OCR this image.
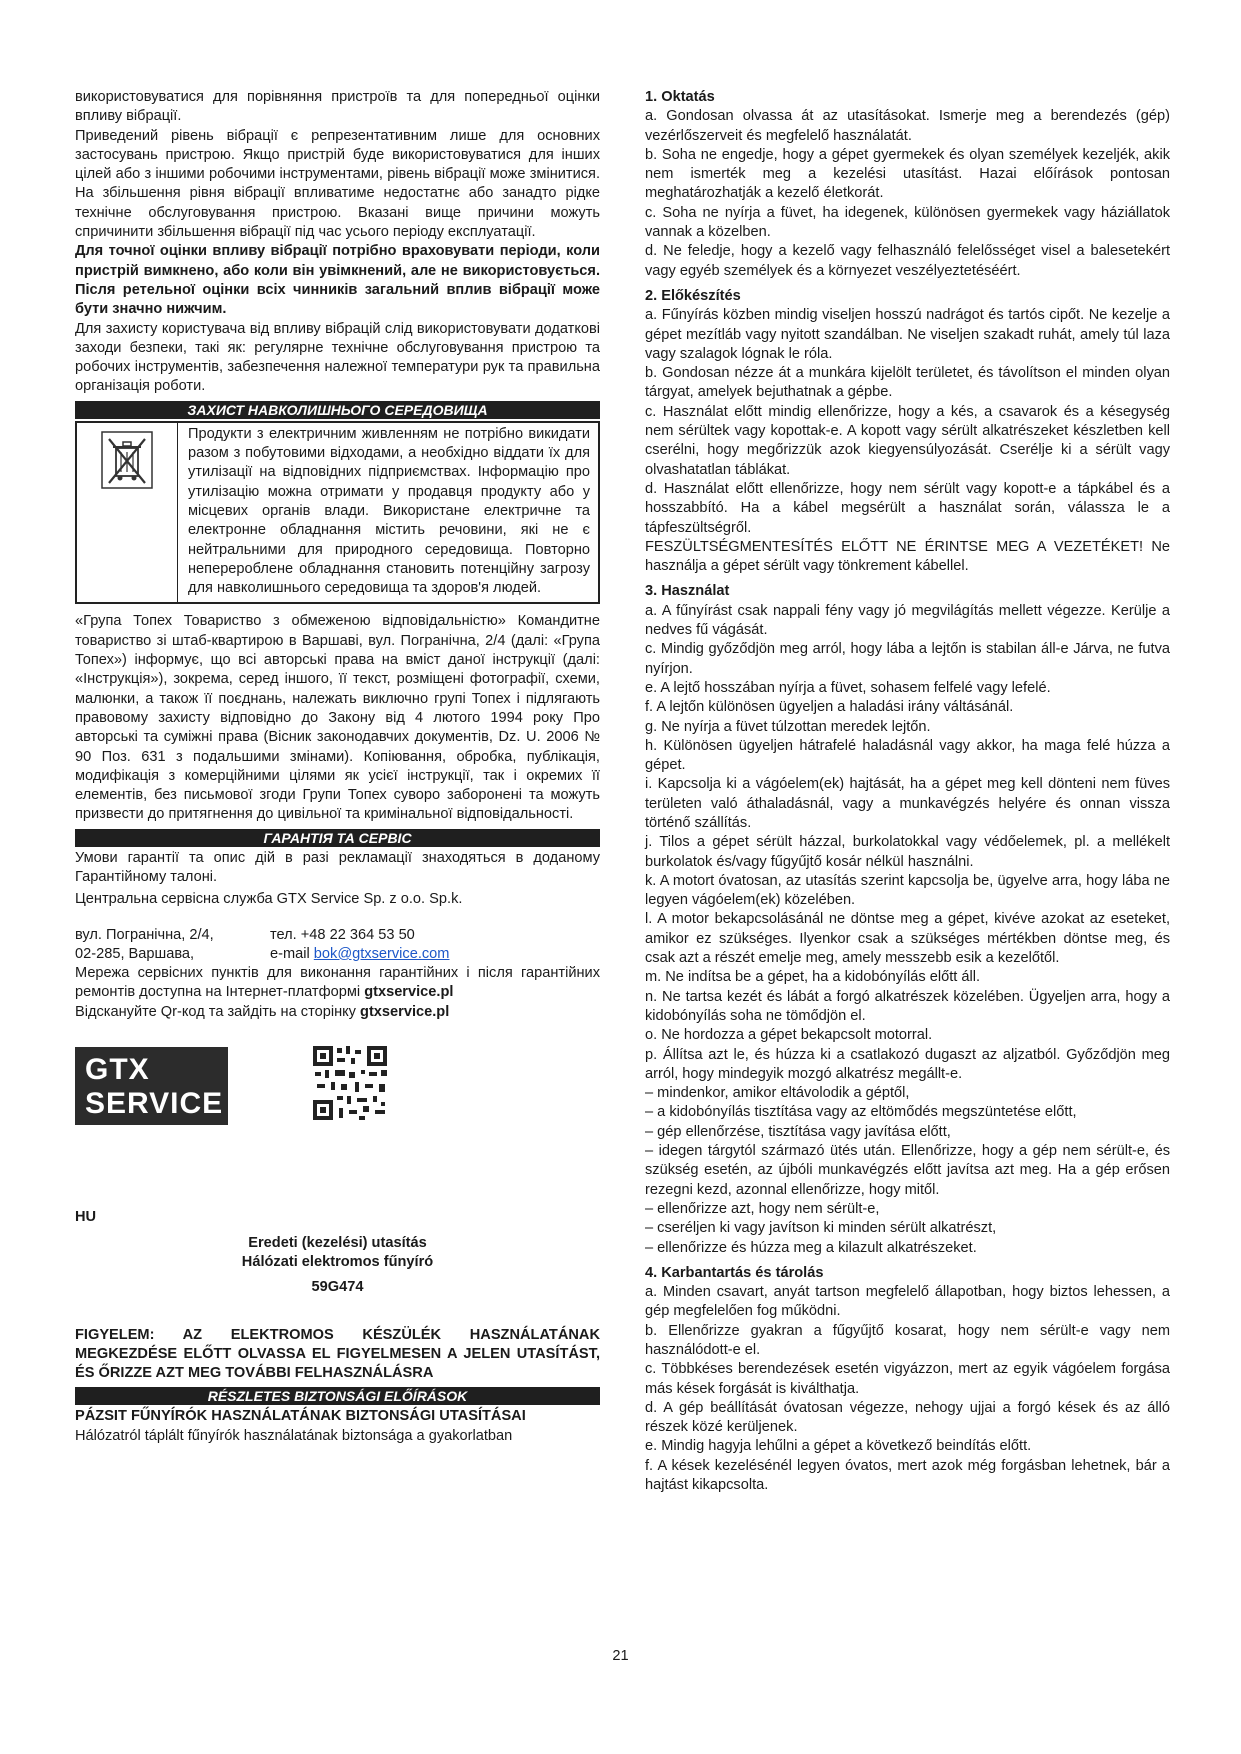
використовуватися для порівняння пристроїв та для попередньої оцінки впливу вібрації.

Приведений рівень вібрації є репрезентативним лише для основних застосувань пристрою. Якщо пристрій буде використовуватися для інших цілей або з іншими робочими інструментами, рівень вібрації може змінитися. На збільшення рівня вібрації впливатиме недостатнє або занадто рідке технічне обслуговування пристрою. Вказані вище причини можуть спричинити збільшення вібрації під час усього періоду експлуатації.

Для точної оцінки впливу вібрації потрібно враховувати періоди, коли пристрій вимкнено, або коли він увімкнений, але не використовується. Після ретельної оцінки всіх чинників загальний вплив вібрації може бути значно нижчим.

Для захисту користувача від впливу вібрацій слід використовувати додаткові заходи безпеки, такі як: регулярне технічне обслуговування пристрою та робочих інструментів, забезпечення належної температури рук та правильна організація роботи.

ЗАХИСТ НАВКОЛИШНЬОГО СЕРЕДОВИЩА
Продукти з електричним живленням не потрібно викидати разом з побутовими відходами, а необхідно віддати їх для утилізації на відповідних підприємствах. Інформацію про утилізацію можна отримати у продавця продукту або у місцевих органів влади. Використане електричне та електронне обладнання містить речовини, які не є нейтральними для природного середовища. Повторно неперероблене обладнання становить потенційну загрозу для навколишнього середовища та здоров'я людей.

«Група Топех Товариство з обмеженою відповідальністю» Командитне товариство зі штаб-квартирою в Варшаві, вул. Погранічна, 2/4 (далі: «Група Топех») інформує, що всі авторські права на вміст даної інструкції (далі: «Інструкція»), зокрема, серед іншого, її текст, розміщені фотографії, схеми, малюнки, а також її поєднань, належать виключно групі Топех і підлягають правовому захисту відповідно до Закону від 4 лютого 1994 року Про авторські та суміжні права (Вісник законодавчих документів, Dz. U. 2006 № 90 Поз. 631 з подальшими змінами). Копіювання, обробка, публікація, модифікація з комерційними цілями як усієї інструкції, так і окремих її елементів, без письмової згоди Групи Топех суворо заборонені та можуть призвести до притягнення до цивільної та кримінальної відповідальності.

ГАРАНТІЯ ТА СЕРВІС

Умови гарантії та опис дій в разі рекламації знаходяться в доданому Гарантійному талоні.

Центральна сервісна служба GTX Service Sp. z o.o. Sp.k.

вул. Погранічна, 2/4,	тел. +48 22 364 53 50
02-285, Варшава,	e-mail bok@gtxservice.com

Мережа сервісних пунктів для виконання гарантійних і після гарантійних ремонтів доступна на Інтернет-платформі gtxservice.pl

Відскануйте Qr-код та зайдіть на сторінку gtxservice.pl

GTX
SERVICE
HU
Eredeti (kezelési) utasítás
Hálózati elektromos fűnyíró
59G474

FIGYELEM: AZ ELEKTROMOS KÉSZÜLÉK HASZNÁLATÁNAK MEGKEZDÉSE ELŐTT OLVASSA EL FIGYELMESEN A JELEN UTASÍTÁST, ÉS ŐRIZZE AZT MEG TOVÁBBI FELHASZNÁLÁSRA

RÉSZLETES BIZTONSÁGI ELŐÍRÁSOK

PÁZSIT FŰNYÍRÓK HASZNÁLATÁNAK BIZTONSÁGI UTASÍTÁSAI

Hálózatról táplált fűnyírók használatának biztonsága a gyakorlatban

1. Oktatás

a. Gondosan olvassa át az utasításokat. Ismerje meg a berendezés (gép) vezérlőszerveit és megfelelő használatát.

b. Soha ne engedje, hogy a gépet gyermekek és olyan személyek kezeljék, akik nem ismerték meg a kezelési utasítást. Hazai előírások pontosan meghatározhatják a kezelő életkorát.

c. Soha ne nyírja a füvet, ha idegenek, különösen gyermekek vagy háziállatok vannak a közelben.

d. Ne feledje, hogy a kezelő vagy felhasználó felelősséget visel a balesetekért vagy egyéb személyek és a környezet veszélyeztetéséért.

2. Előkészítés

a. Fűnyírás közben mindig viseljen hosszú nadrágot és tartós cipőt. Ne kezelje a gépet mezítláb vagy nyitott szandálban. Ne viseljen szakadt ruhát, amely túl laza vagy szalagok lógnak le róla.

b. Gondosan nézze át a munkára kijelölt területet, és távolítson el minden olyan tárgyat, amelyek bejuthatnak a gépbe.

c. Használat előtt mindig ellenőrizze, hogy a kés, a csavarok és a késegység nem sérültek vagy kopottak-e. A kopott vagy sérült alkatrészeket készletben kell cserélni, hogy megőrizzük azok kiegyensúlyozását. Cserélje ki a sérült vagy olvashatatlan táblákat.

d. Használat előtt ellenőrizze, hogy nem sérült vagy kopott-e a tápkábel és a hosszabbító. Ha a kábel megsérült a használat során, válassza le a tápfeszültségről.

FESZÜLTSÉGMENTESÍTÉS ELŐTT NE ÉRINTSE MEG A VEZETÉKET! Ne használja a gépet sérült vagy tönkrement kábellel.

3. Használat

a. A fűnyírást csak nappali fény vagy jó megvilágítás mellett végezze. Kerülje a nedves fű vágását.

c. Mindig győződjön meg arról, hogy lába a lejtőn is stabilan áll-e Járva, ne futva nyírjon.

e. A lejtő hosszában nyírja a füvet, sohasem felfelé vagy lefelé.

f. A lejtőn különösen ügyeljen a haladási irány váltásánál.

g. Ne nyírja a füvet túlzottan meredek lejtőn.

h. Különösen ügyeljen hátrafelé haladásnál vagy akkor, ha maga felé húzza a gépet.

i. Kapcsolja ki a vágóelem(ek) hajtását, ha a gépet meg kell dönteni nem füves területen való áthaladásnál, vagy a munkavégzés helyére és onnan vissza történő szállítás.

j. Tilos a gépet sérült házzal, burkolatokkal vagy védőelemek, pl. a mellékelt burkolatok és/vagy fűgyűjtő kosár nélkül használni.

k. A motort óvatosan, az utasítás szerint kapcsolja be, ügyelve arra, hogy lába ne legyen vágóelem(ek) közelében.

l. A motor bekapcsolásánál ne döntse meg a gépet, kivéve azokat az eseteket, amikor ez szükséges. Ilyenkor csak a szükséges mértékben döntse meg, és csak azt a részét emelje meg, amely messzebb esik a kezelőtől.

m. Ne indítsa be a gépet, ha a kidobónyílás előtt áll.

n. Ne tartsa kezét és lábát a forgó alkatrészek közelében. Ügyeljen arra, hogy a kidobónyílás soha ne tömődjön el.

o. Ne hordozza a gépet bekapcsolt motorral.

p. Állítsa azt le, és húzza ki a csatlakozó dugaszt az aljzatból. Győződjön meg arról, hogy mindegyik mozgó alkatrész megállt-e.

– mindenkor, amikor eltávolodik a géptől,

– a kidobónyílás tisztítása vagy az eltömődés megszüntetése előtt,

– gép ellenőrzése, tisztítása vagy javítása előtt,

– idegen tárgytól származó ütés után. Ellenőrizze, hogy a gép nem sérült-e, és szükség esetén, az újbóli munkavégzés előtt javítsa azt meg. Ha a gép erősen rezegni kezd, azonnal ellenőrizze, hogy mitől.

– ellenőrizze azt, hogy nem sérült-e,

– cseréljen ki vagy javítson ki minden sérült alkatrészt,

– ellenőrizze és húzza meg a kilazult alkatrészeket.

4. Karbantartás és tárolás

a. Minden csavart, anyát tartson megfelelő állapotban, hogy biztos lehessen, a gép megfelelően fog működni.

b. Ellenőrizze gyakran a fűgyűjtő kosarat, hogy nem sérült-e vagy nem használódott-e el.

c. Többkéses berendezések esetén vigyázzon, mert az egyik vágóelem forgása más kések forgását is kiválthatja.

d. A gép beállítását óvatosan végezze, nehogy ujjai a forgó kések és az álló részek közé kerüljenek.

e. Mindig hagyja lehűlni a gépet a következő beindítás előtt.

f. A kések kezelésénél legyen óvatos, mert azok még forgásban lehetnek, bár a hajtást kikapcsolta.

21
